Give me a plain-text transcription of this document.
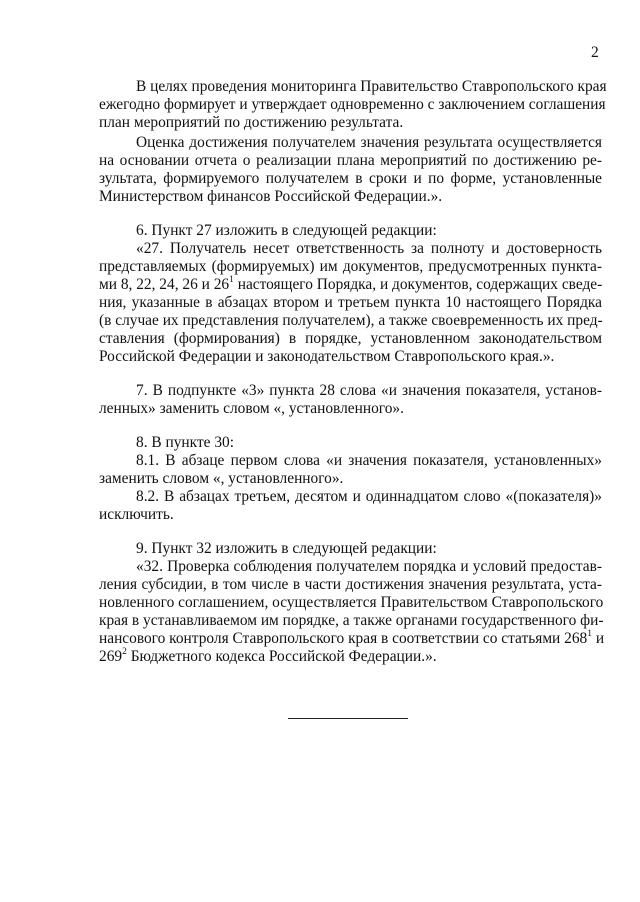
2
В целях проведения мониторинга Правительство Ставропольского края
ежегодно формирует и утверждает одновременно с заключением соглашения
план мероприятий по достижению результата.
Оценка достижения получателем значения результата осуществляется
на основании отчета о реализации плана мероприятий по достижению ре-
зультата, формируемого получателем в сроки и по форме, установленные
Министерством финансов Российской Федерации.».
6. Пункт 27 изложить в следующей редакции:
«27. Получатель несет ответственность за полноту и достоверность
представляемых (формируемых) им документов, предусмотренных пункта-
ми 8, 22, 24, 26 и $26^1$ настоящего Порядка, и документов, содержащих сведе-
ния, указанные в абзацах втором и третьем пункта 10 настоящего Порядка
(в случае их представления получателем), а также своевременность их пред-
ставления (формирования) в порядке, установленном законодательством
Российской Федерации и законодательством Ставропольского края.».
7. В подпункте «3» пункта 28 слова «и значения показателя, установ-
ленных» заменить словом «, установленного».
8. В пункте 30:
8.1. В абзаце первом слова «и значения показателя, установленных»
заменить словом «, установленного».
8.2. В абзацах третьем, десятом и одиннадцатом слово «(показателя)»
исключить.
9. Пункт 32 изложить в следующей редакции:
«32. Проверка соблюдения получателем порядка и условий предостав-
ления субсидии, в том числе в части достижения значения результата, уста-
новленного соглашением, осуществляется Правительством Ставропольского
края в устанавливаемом им порядке, а также органами государственного фи-
нансового контроля Ставропольского края в соответствии со статьями $268^1$ и
$269^2$ Бюджетного кодекса Российской Федерации.».
